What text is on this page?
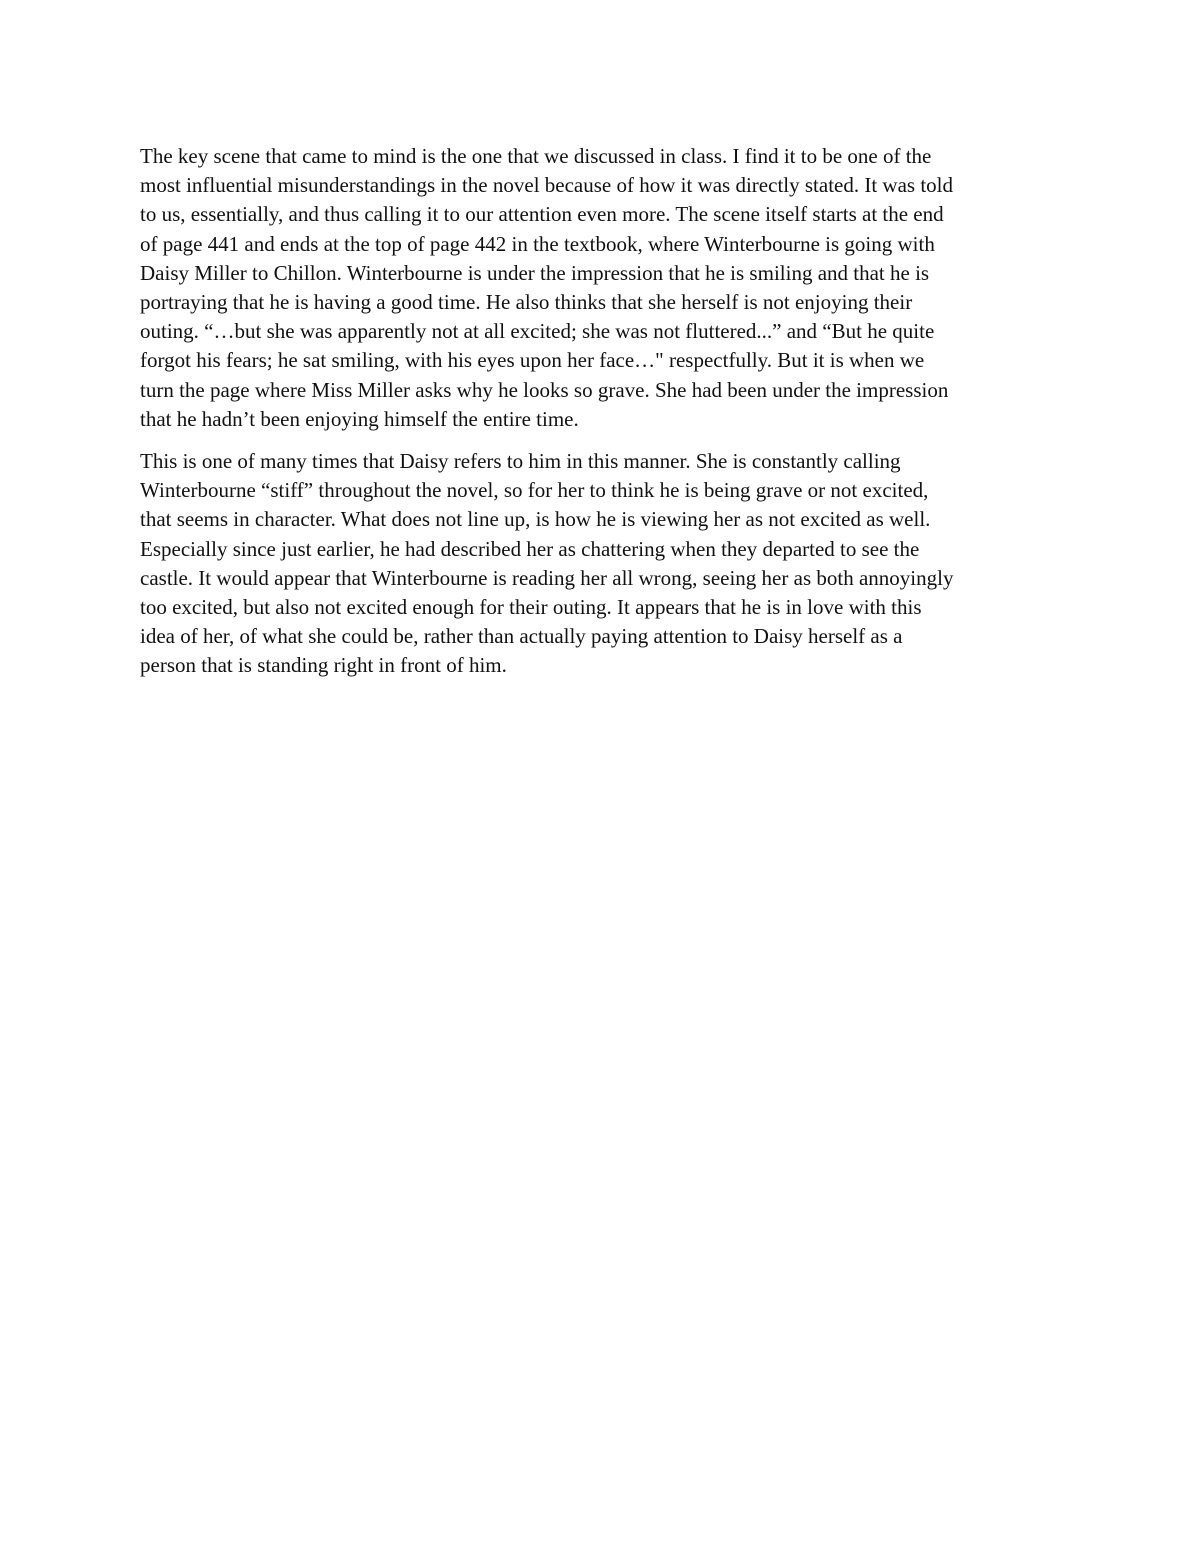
The key scene that came to mind is the one that we discussed in class. I find it to be one of the

most influential misunderstandings in the novel because of how it was directly stated. It was told

to us, essentially, and thus calling it to our attention even more. The scene itself starts at the end

of page 441 and ends at the top of page 442 in the textbook, where Winterbourne is going with

Daisy Miller to Chillon. Winterbourne is under the impression that he is smiling and that he is

portraying that he is having a good time. He also thinks that she herself is not enjoying their

outing. “…but she was apparently not at all excited; she was not fluttered...” and “But he quite

forgot his fears; he sat smiling, with his eyes upon her face…" respectfully. But it is when we

turn the page where Miss Miller asks why he looks so grave. She had been under the impression

that he hadn’t been enjoying himself the entire time.

This is one of many times that Daisy refers to him in this manner. She is constantly calling

Winterbourne “stiff” throughout the novel, so for her to think he is being grave or not excited,

that seems in character. What does not line up, is how he is viewing her as not excited as well.

Especially since just earlier, he had described her as chattering when they departed to see the

castle. It would appear that Winterbourne is reading her all wrong, seeing her as both annoyingly

too excited, but also not excited enough for their outing. It appears that he is in love with this

idea of her, of what she could be, rather than actually paying attention to Daisy herself as a

person that is standing right in front of him.
